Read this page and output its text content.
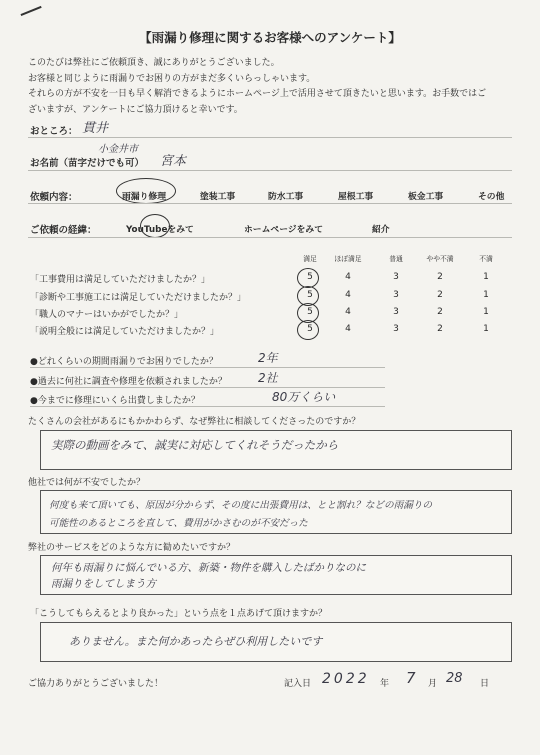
【雨漏り修理に関するお客様へのアンケート】
このたびは弊社にご依頼頂き、誠にありがとうございました。
お客様と同じように雨漏りでお困りの方がまだ多くいらっしゃいます。
それらの方が不安を一日も早く解消できるようにホームページ上で活用させて頂きたいと思います。お手数ではご
ざいますが、アンケートにご協力頂けると幸いです。
おところ： 貫井
小金井市
お名前（苗字だけでも可） 宮本
依頼内容：	雨漏り修理	塗装工事	防水工事	屋根工事	板金工事	その他
ご依頼の経緯：	YouTubeをみて	ホームページをみて	紹介
満足	ほぼ満足	普通	やや不満	不満
「工事費用は満足していただけましたか？」	5	4	3	2	1
「診断や工事施工には満足していただけましたか？」	5	4	3	2	1
「職人のマナーはいかがでしたか？」	5	4	3	2	1
「説明全般には満足していただけましたか？」	5	4	3	2	1
●どれくらいの期間雨漏りでお困りでしたか？	2年
●過去に何社に調査や修理を依頼されましたか？	2社
●今までに修理にいくら出費しましたか？	80万くらい
たくさんの会社があるにもかかわらず、なぜ弊社に相談してくださったのですか？
実際の動画をみて、誠実に対応してくれそうだったから
他社では何が不安でしたか？
何度も来て頂いても、原因が分からず、その度に出張費用は、とと割れ？などの雨漏りの
可能性のあるところを直して、費用がかさむのが不安だった
弊社のサービスをどのような方に勧めたいですか？
何年も雨漏りに悩んでいる方、新築・物件を購入したばかりなのに
雨漏りをしてしまう方
「こうしてもらえるとより良かった」という点を１点あげて頂けますか？
ありません。また何かあったらぜひ利用したいです
ご協力ありがとうございました！	記入日 2022 年 7 月 28 日
